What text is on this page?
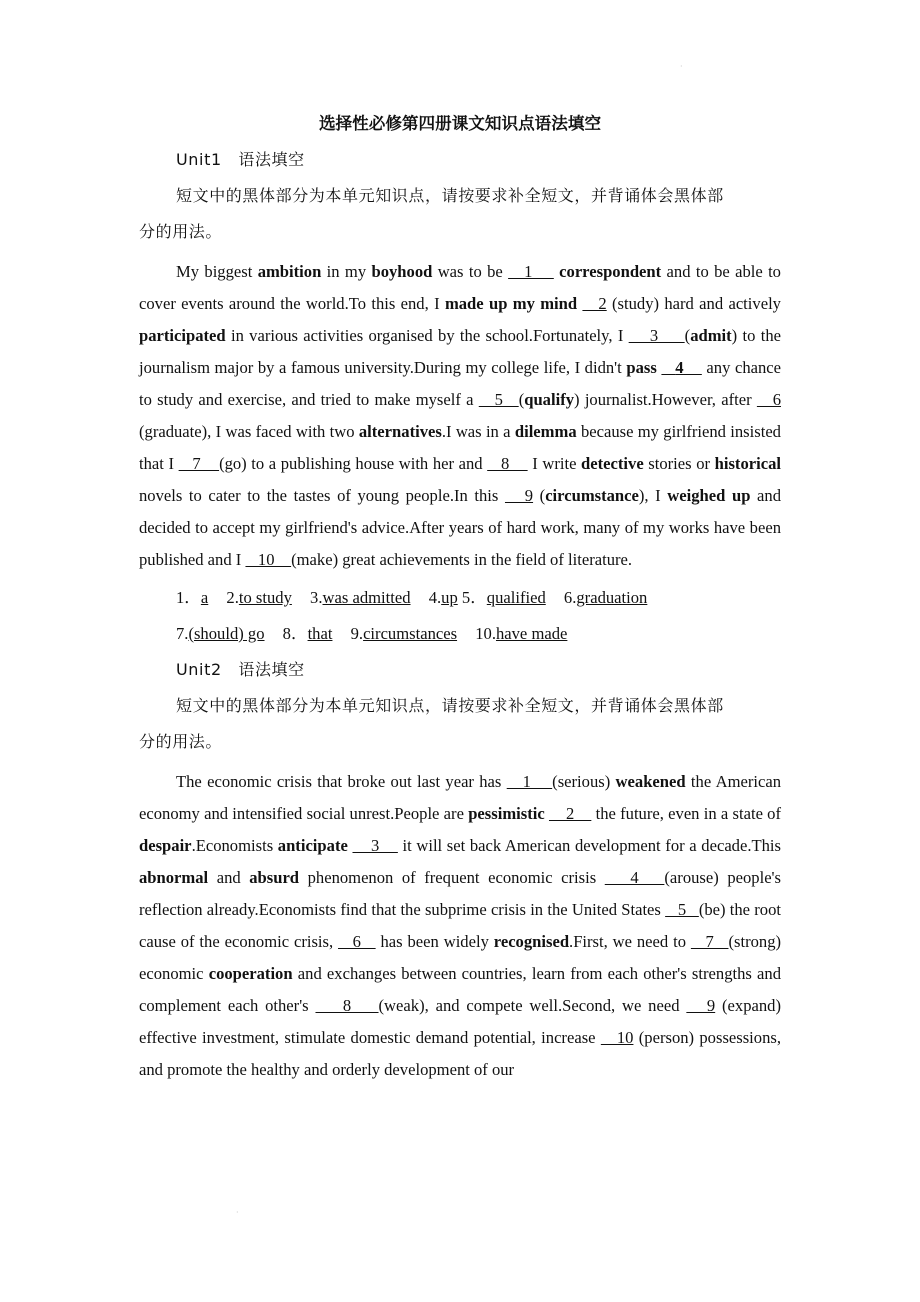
·
选择性必修第四册课文知识点语法填空
Unit1　语法填空
短文中的黑体部分为本单元知识点，请按要求补全短文，并背诵体会黑体部
分的用法。
My biggest ambition in my boyhood was to be    1     correspondent and to be able to cover events around the world.To this end, I made up my mind    2 (study) hard and actively participated in various activities organised by the school.Fortunately, I     3     (admit) to the journalism major by a famous university.During my college life, I didn't pass 4     any chance to study and exercise, and tried to make myself a    5   (qualify) journalist.However, after    6 (graduate), I was faced with two alternatives.I was in a dilemma because my girlfriend insisted that I    7    (go) to a publishing house with her and    8     I write detective stories or historical novels to cater to the tastes of young people.In this    9 (circumstance), I weighed up and decided to accept my girlfriend's advice.After years of hard work, many of my works have been published and I    10    (make) great achievements in the field of literature.
1．a 2.to study 3.was admitted 4.up 5．qualified 6.graduation
7.(should) go 8．that 9.circumstances 10.have made
Unit2　语法填空
短文中的黑体部分为本单元知识点，请按要求补全短文，并背诵体会黑体部
分的用法。
The economic crisis that broke out last year has    1    (serious) weakened the American economy and intensified social unrest.People are pessimistic     2     the future, even in a state of despair.Economists anticipate     3     it will set back American development for a decade.This abnormal and absurd phenomenon of frequent economic crisis    4   (arouse) people's reflection already.Economists find that the subprime crisis in the United States    5   (be) the root cause of the economic crisis,    6    has been widely recognised.First, we need to    7   (strong) economic cooperation and exchanges between countries, learn from each other's strengths and complement each other's     8    (weak), and compete well.Second, we need    9 (expand) effective investment, stimulate domestic demand potential, increase    10 (person) possessions, and promote the healthy and orderly development of our
·
